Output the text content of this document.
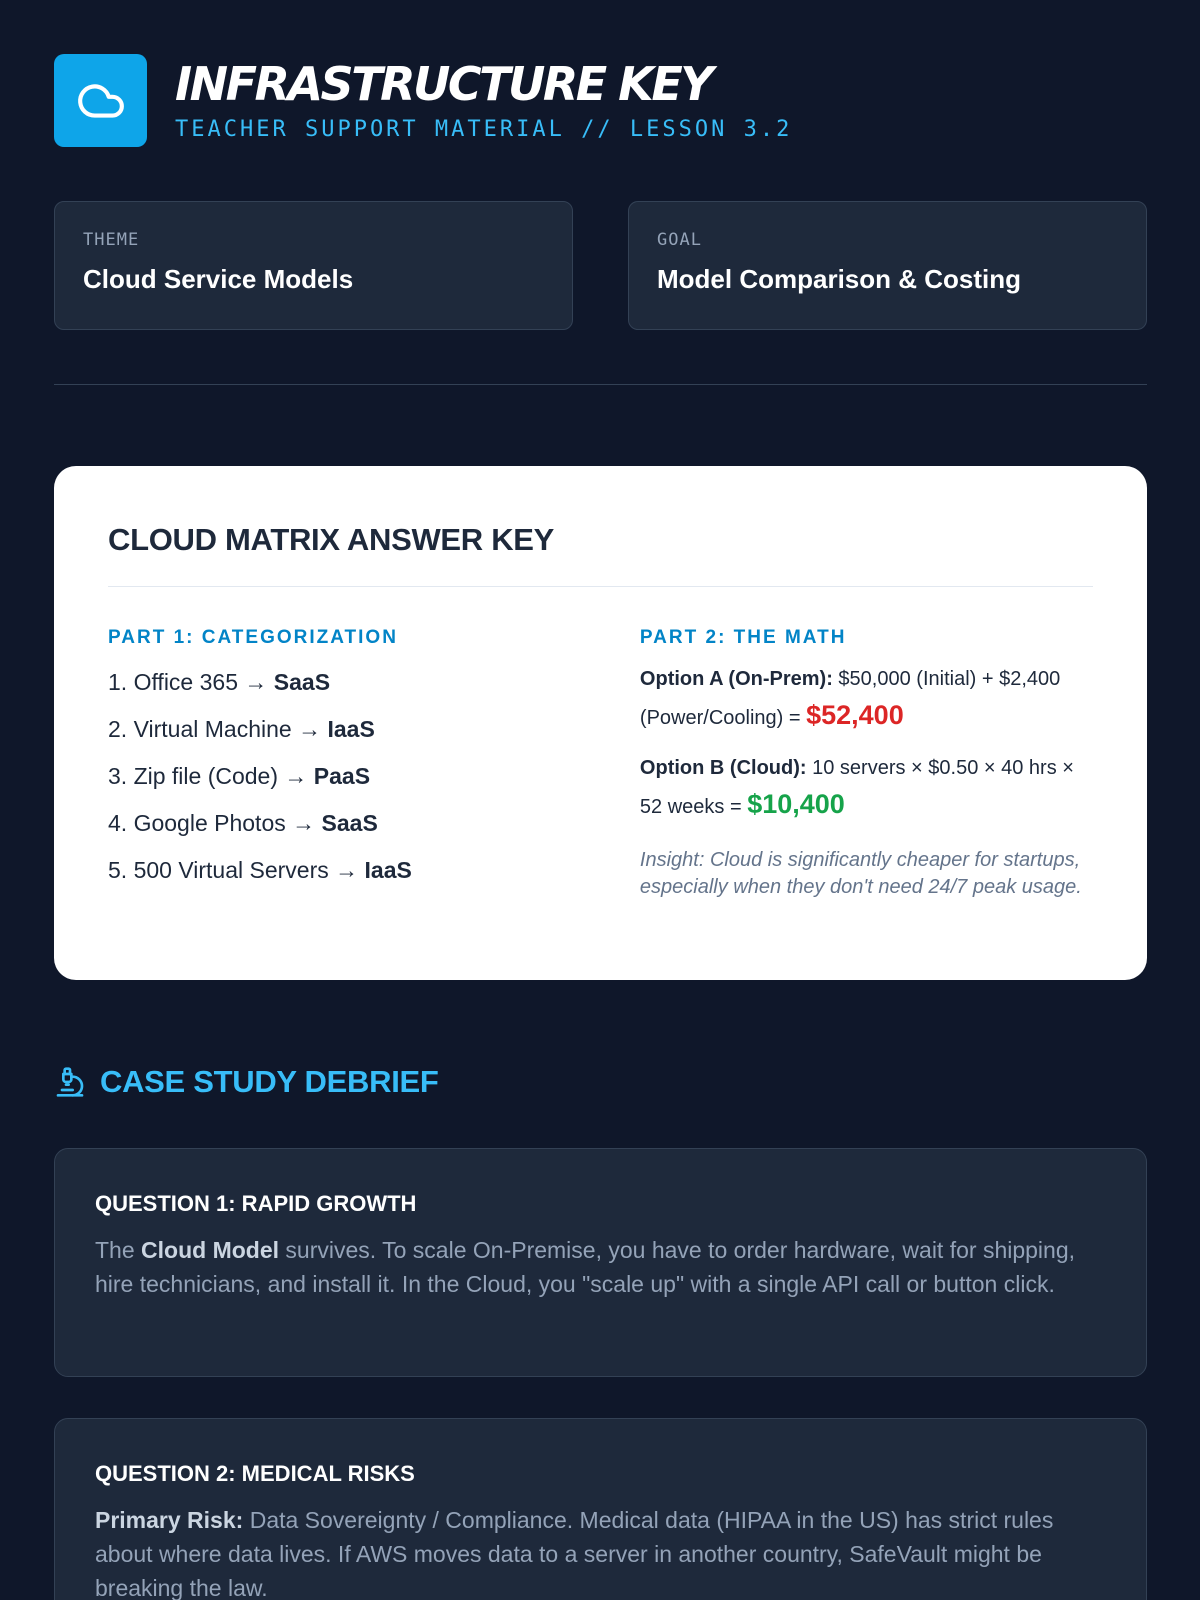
INFRASTRUCTURE KEY
TEACHER SUPPORT MATERIAL // LESSON 3.2
THEME
Cloud Service Models
GOAL
Model Comparison & Costing
CLOUD MATRIX ANSWER KEY
PART 1: CATEGORIZATION
1. Office 365 → SaaS
2. Virtual Machine → IaaS
3. Zip file (Code) → PaaS
4. Google Photos → SaaS
5. 500 Virtual Servers → IaaS
PART 2: THE MATH
Option A (On-Prem): $50,000 (Initial) + $2,400 (Power/Cooling) = $52,400
Option B (Cloud): 10 servers × $0.50 × 40 hrs × 52 weeks = $10,400
Insight: Cloud is significantly cheaper for startups, especially when they don't need 24/7 peak usage.
CASE STUDY DEBRIEF
QUESTION 1: RAPID GROWTH
The Cloud Model survives. To scale On-Premise, you have to order hardware, wait for shipping, hire technicians, and install it. In the Cloud, you "scale up" with a single API call or button click.
QUESTION 2: MEDICAL RISKS
Primary Risk: Data Sovereignty / Compliance. Medical data (HIPAA in the US) has strict rules about where data lives. If AWS moves data to a server in another country, SafeVault might be breaking the law.
